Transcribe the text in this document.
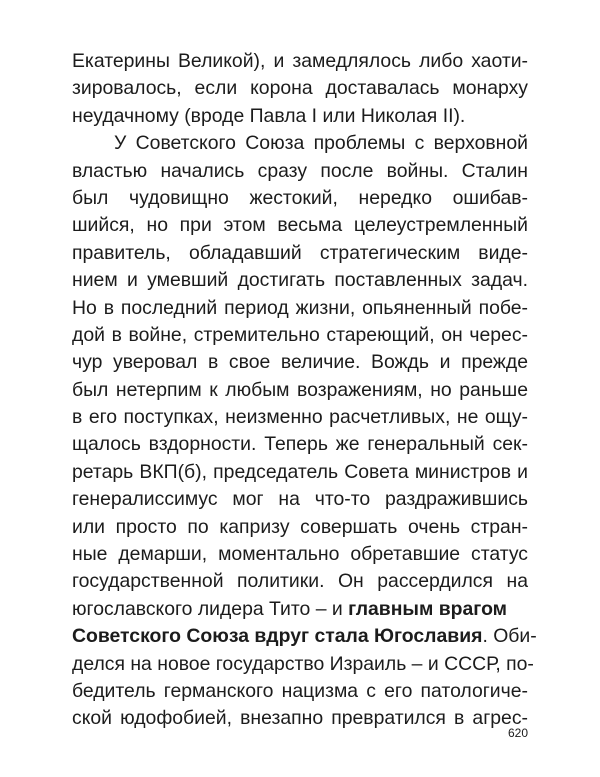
Екатерины Великой), и замедлялось либо хаоти-
зировалось, если корона доставалась монарху
неудачному (вроде Павла I или Николая II).
У Советского Союза проблемы с верховной
властью начались сразу после войны. Сталин
был чудовищно жестокий, нередко ошибав-
шийся, но при этом весьма целеустремленный
правитель, обладавший стратегическим виде-
нием и умевший достигать поставленных задач.
Но в последний период жизни, опьяненный побе-
дой в войне, стремительно стареющий, он черес-
чур уверовал в свое величие. Вождь и прежде
был нетерпим к любым возражениям, но раньше
в его поступках, неизменно расчетливых, не ощу-
щалось вздорности. Теперь же генеральный сек-
ретарь ВКП(б), председатель Совета министров и
генералиссимус мог на что-то раздражившись
или просто по капризу совершать очень стран-
ные демарши, моментально обретавшие статус
государственной политики. Он рассердился на
югославского лидера Тито – и главным врагом
Советского Союза вдруг стала Югославия. Оби-
делся на новое государство Израиль – и СССР, по-
бедитель германского нацизма с его патологиче-
ской юдофобией, внезапно превратился в агрес-
620
